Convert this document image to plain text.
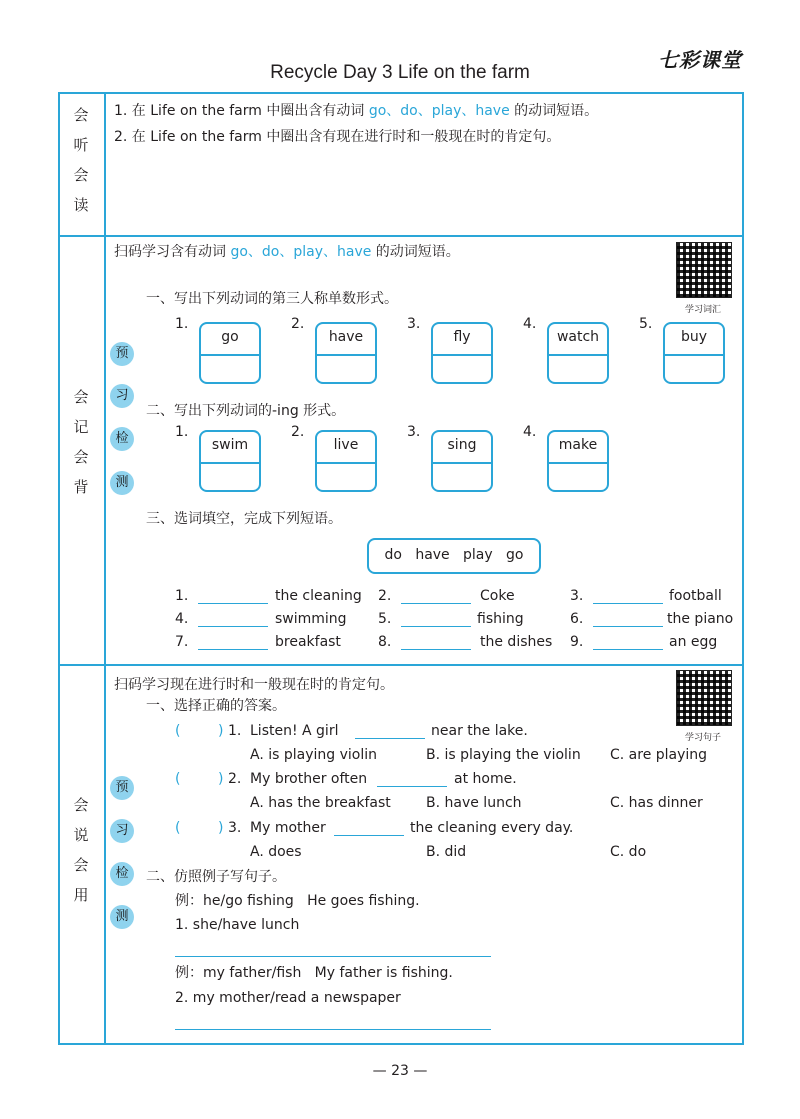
Recycle Day 3 Life on the farm
七彩课堂
会
听
会
读
1. 在 Life on the farm 中圈出含有动词 go、do、play、have 的动词短语。
2. 在 Life on the farm 中圈出含有现在进行时和一般现在时的肯定句。
会
记
会
背
预
习
检
测
扫码学习含有动词 go、do、play、have 的动词短语。
学习词汇
一、写出下列动词的第三人称单数形式。
1.
go
2.
have
3.
fly
4.
watch
5.
buy
二、写出下列动词的-ing 形式。
1.
swim
2.
live
3.
sing
4.
make
三、选词填空，完成下列短语。
do   have   play   go
1.	the cleaning 2.	Coke	3.	football
4.	swimming 5.	fishing	6.	the piano
7.	breakfast	8.	the dishes 9.	an egg
会
说
会
用
预
习
检
测
扫码学习现在进行时和一般现在时的肯定句。
学习句子
一、选择正确的答案。
(	) 1. Listen! A girl	near the lake.
A. is playing violin	B. is playing the violin C. are playing
(	) 2. My brother often	at home.
A. has the breakfast	B. have lunch	C. has dinner
(	) 3. My mother	the cleaning every day.
A. does	B. did	C. do
二、仿照例子写句子。
例：he/go fishing   He goes fishing.
1. she/have lunch
例：my father/fish   My father is fishing.
2. my mother/read a newspaper
— 23 —
